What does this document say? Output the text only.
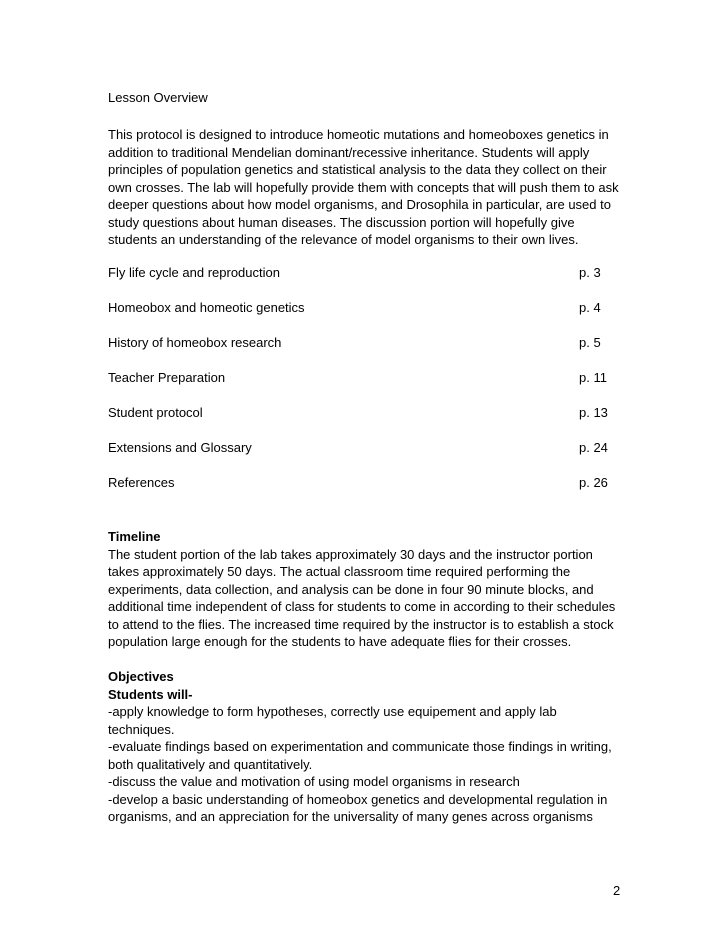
Lesson Overview
This protocol is designed to introduce homeotic mutations and homeoboxes genetics in
addition to traditional Mendelian dominant/recessive inheritance. Students will apply
principles of population genetics and statistical analysis to the data they collect on their
own crosses. The lab will hopefully provide them with concepts that will push them to ask
deeper questions about how model organisms, and Drosophila in particular, are used to
study questions about human diseases. The discussion portion will hopefully give
students an understanding of the relevance of model organisms to their own lives.
Fly life cycle and reproduction	p. 3
Homeobox and homeotic genetics	p. 4
History of homeobox research	p. 5
Teacher Preparation	p. 11
Student protocol	p. 13
Extensions and Glossary	p. 24
References	p. 26
Timeline
The student portion of the lab takes approximately 30 days and the instructor portion
takes approximately 50 days. The actual classroom time required performing the
experiments, data collection, and analysis can be done in four 90 minute blocks, and
additional time independent of class for students to come in according to their schedules
to attend to the flies. The increased time required by the instructor is to establish a stock
population large enough for the students to have adequate flies for their crosses.
Objectives
Students will-
-apply knowledge to form hypotheses, correctly use equipement and apply lab
techniques.
-evaluate findings based on experimentation and communicate those findings in writing,
both qualitatively and quantitatively.
-discuss the value and motivation of using model organisms in research
-develop a basic understanding of homeobox genetics and developmental regulation in
organisms, and an appreciation for the universality of many genes across organisms
2
